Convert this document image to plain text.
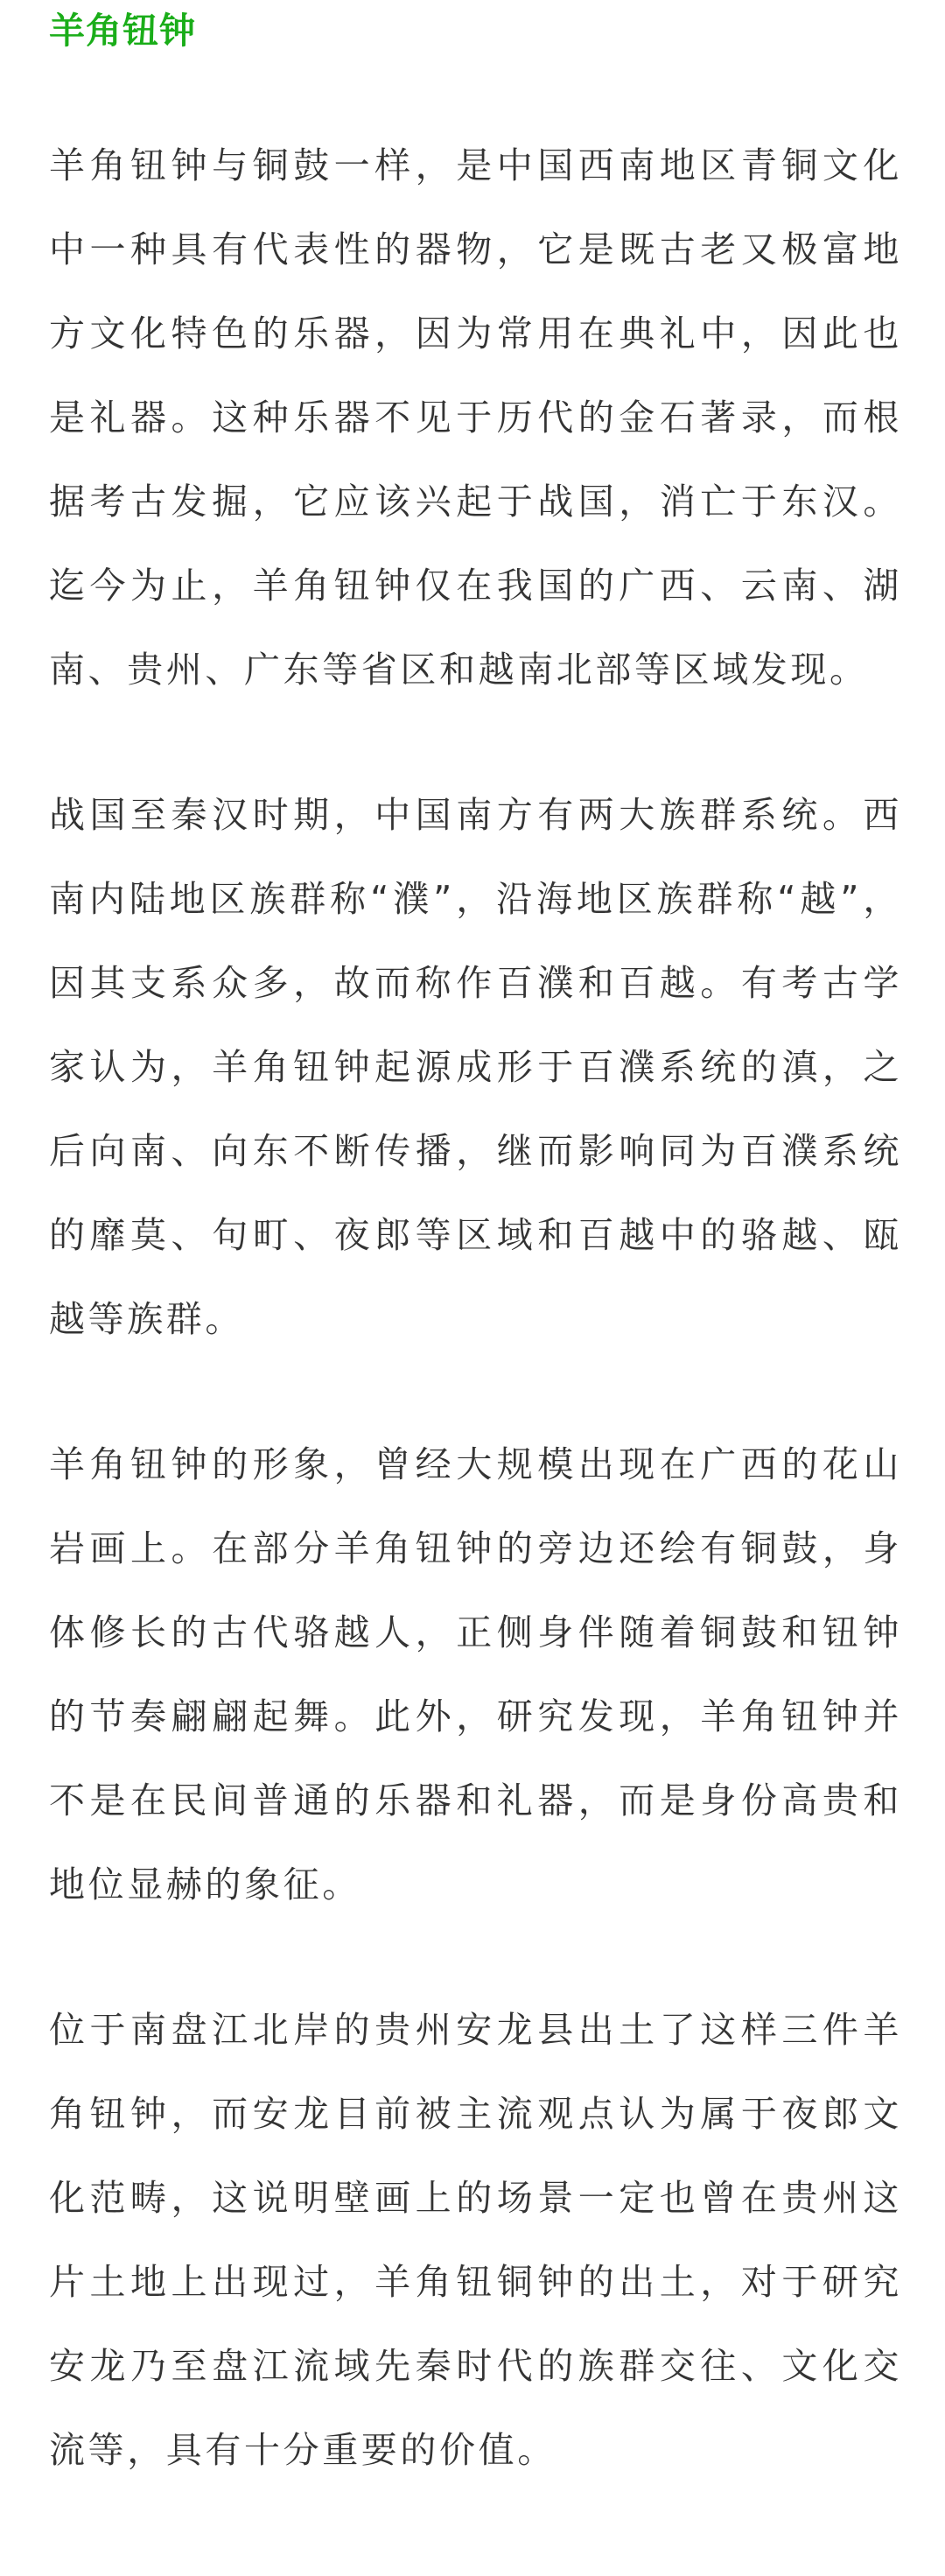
羊角钮钟

羊角钮钟与铜鼓一样，是中国西南地区青铜文化中一种具有代表性的器物，它是既古老又极富地方文化特色的乐器，因为常用在典礼中，因此也是礼器。这种乐器不见于历代的金石著录，而根据考古发掘，它应该兴起于战国，消亡于东汉。迄今为止，羊角钮钟仅在我国的广西、云南、湖南、贵州、广东等省区和越南北部等区域发现。

战国至秦汉时期，中国南方有两大族群系统。西南内陆地区族群称“濮”，沿海地区族群称“越”，因其支系众多，故而称作百濮和百越。有考古学家认为，羊角钮钟起源成形于百濮系统的滇，之后向南、向东不断传播，继而影响同为百濮系统的靡莫、句町、夜郎等区域和百越中的骆越、瓯越等族群。

羊角钮钟的形象，曾经大规模出现在广西的花山岩画上。在部分羊角钮钟的旁边还绘有铜鼓，身体修长的古代骆越人，正侧身伴随着铜鼓和钮钟的节奏翩翩起舞。此外，研究发现，羊角钮钟并不是在民间普通的乐器和礼器，而是身份高贵和地位显赫的象征。

位于南盘江北岸的贵州安龙县出土了这样三件羊角钮钟，而安龙目前被主流观点认为属于夜郎文化范畴，这说明壁画上的场景一定也曾在贵州这片土地上出现过，羊角钮铜钟的出土，对于研究安龙乃至盘江流域先秦时代的族群交往、文化交流等，具有十分重要的价值。
